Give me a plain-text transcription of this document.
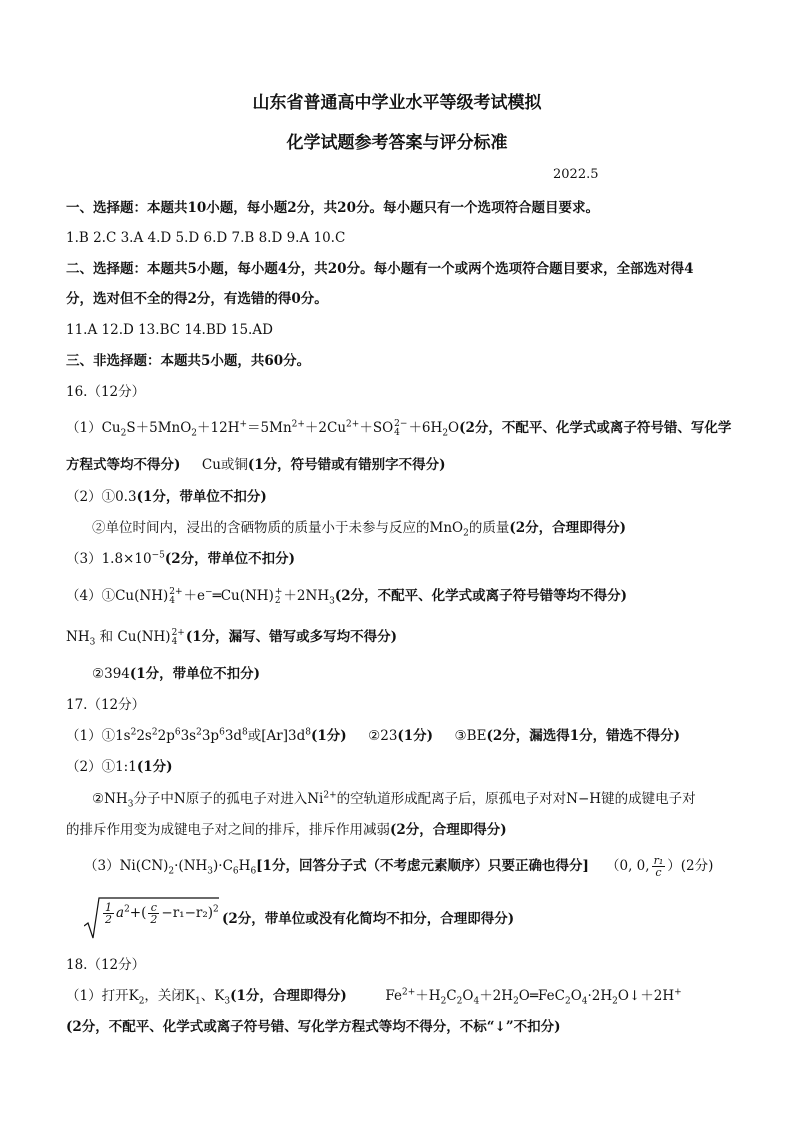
山东省普通高中学业水平等级考试模拟
化学试题参考答案与评分标准
2022.5
一、选择题：本题共10小题，每小题2分，共20分。每小题只有一个选项符合题目要求。
1.B 2.C 3.A 4.D 5.D 6.D 7.B 8.D 9.A 10.C
二、选择题：本题共5小题，每小题4分，共20分。每小题有一个或两个选项符合题目要求，全部选对得4
分，选对但不全的得2分，有选错的得0分。
11.A 12.D 13.BC 14.BD 15.AD
三、非选择题：本题共5小题，共60分。
16.（12分）
$(1)Cu_2S+5MnO_2+12H^+=5Mn^{2+}+2Cu^{2+}+SO$ 2−
$4 +6H_2O(2$分，不配平、化学式或离子符号错、写化学
方程式等均不得分) Cu或铜(1分，符号错或有错别字不得分)
（2）①0.3(1分，带单位不扣分)
②单位时间内，浸出的含硒物质的质量小于未参与反应的MnO$_2$的质量(2分，合理即得分)
$(3)1.8\times 10^{-5}(2$分，带单位不扣分)
（4）①Cu(NH) 2+
4 ＋e−═Cu(NH) +
$2 +2NH_3(2$分，不配平、化学式或离子符号错等均不得分)
$NH_3$ 和 Cu(NH) 2+
4 (1分，漏写、错写或多写均不得分)
②394(1分，带单位不扣分)
17.（12分）
$(1)①1s^22s^22p^63s^23p^63d^8$或$[Ar]3d^8(1$分) ②23(1分) ③BE(2分，漏选得1分，错选不得分)
（2）①1:1(1分)
$②NH_3$分子中N原子的孤电子对进入$Ni^{2+}$的空轨道形成配离子后，原孤电子对对N−H键的成键电子对
的排斥作用变为成键电子对之间的排斥，排斥作用减弱(2分，合理即得分)
$(3)Ni(CN)_2\cdot(NH_3)\cdot C_6H_6[1$分，回答分子式（不考虑元素顺序）只要正确也得分] （0, 0, $\frac{\text{r₁}}{c} )(2$分)
$\frac{1}{2} a^2+( \frac{c}{2} -r_1-r_2)^2$
(2分，带单位或没有化简均不扣分，合理即得分)
18.（12分）
（1）打开$K_2$，关闭$K_1$、$K_3(1$分，合理即得分)	$Fe^{2+}+H_2C_2O_4+2H_2O═FeC_2O_4\cdot 2H_2O↓+2H^+$
(2分，不配平、化学式或离子符号错、写化学方程式等均不得分，不标“↓”不扣分)
